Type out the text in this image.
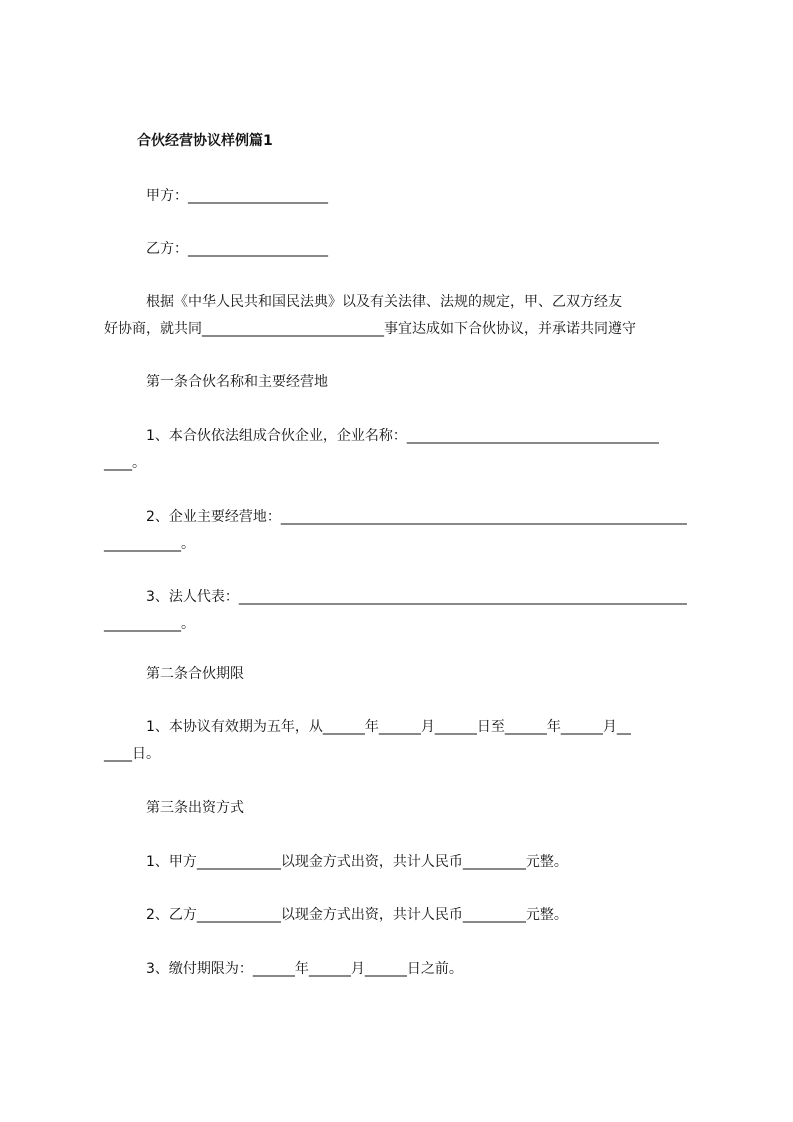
合伙经营协议样例篇1
甲方：____________________
乙方：____________________
根据《中华人民共和国民法典》以及有关法律、法规的规定，甲、乙双方经友
好协商，就共同__________________________事宜达成如下合伙协议，并承诺共同遵守
第一条合伙名称和主要经营地
1、本合伙依法组成合伙企业，企业名称：____________________________________
____。
2、企业主要经营地：__________________________________________________________
___________。
3、法人代表：________________________________________________________________
___________。
第二条合伙期限
1、本协议有效期为五年，从______年______月______日至______年______月__
____日。
第三条出资方式
1、甲方____________以现金方式出资，共计人民币_________元整。
2、乙方____________以现金方式出资，共计人民币_________元整。
3、缴付期限为：______年______月______日之前。
